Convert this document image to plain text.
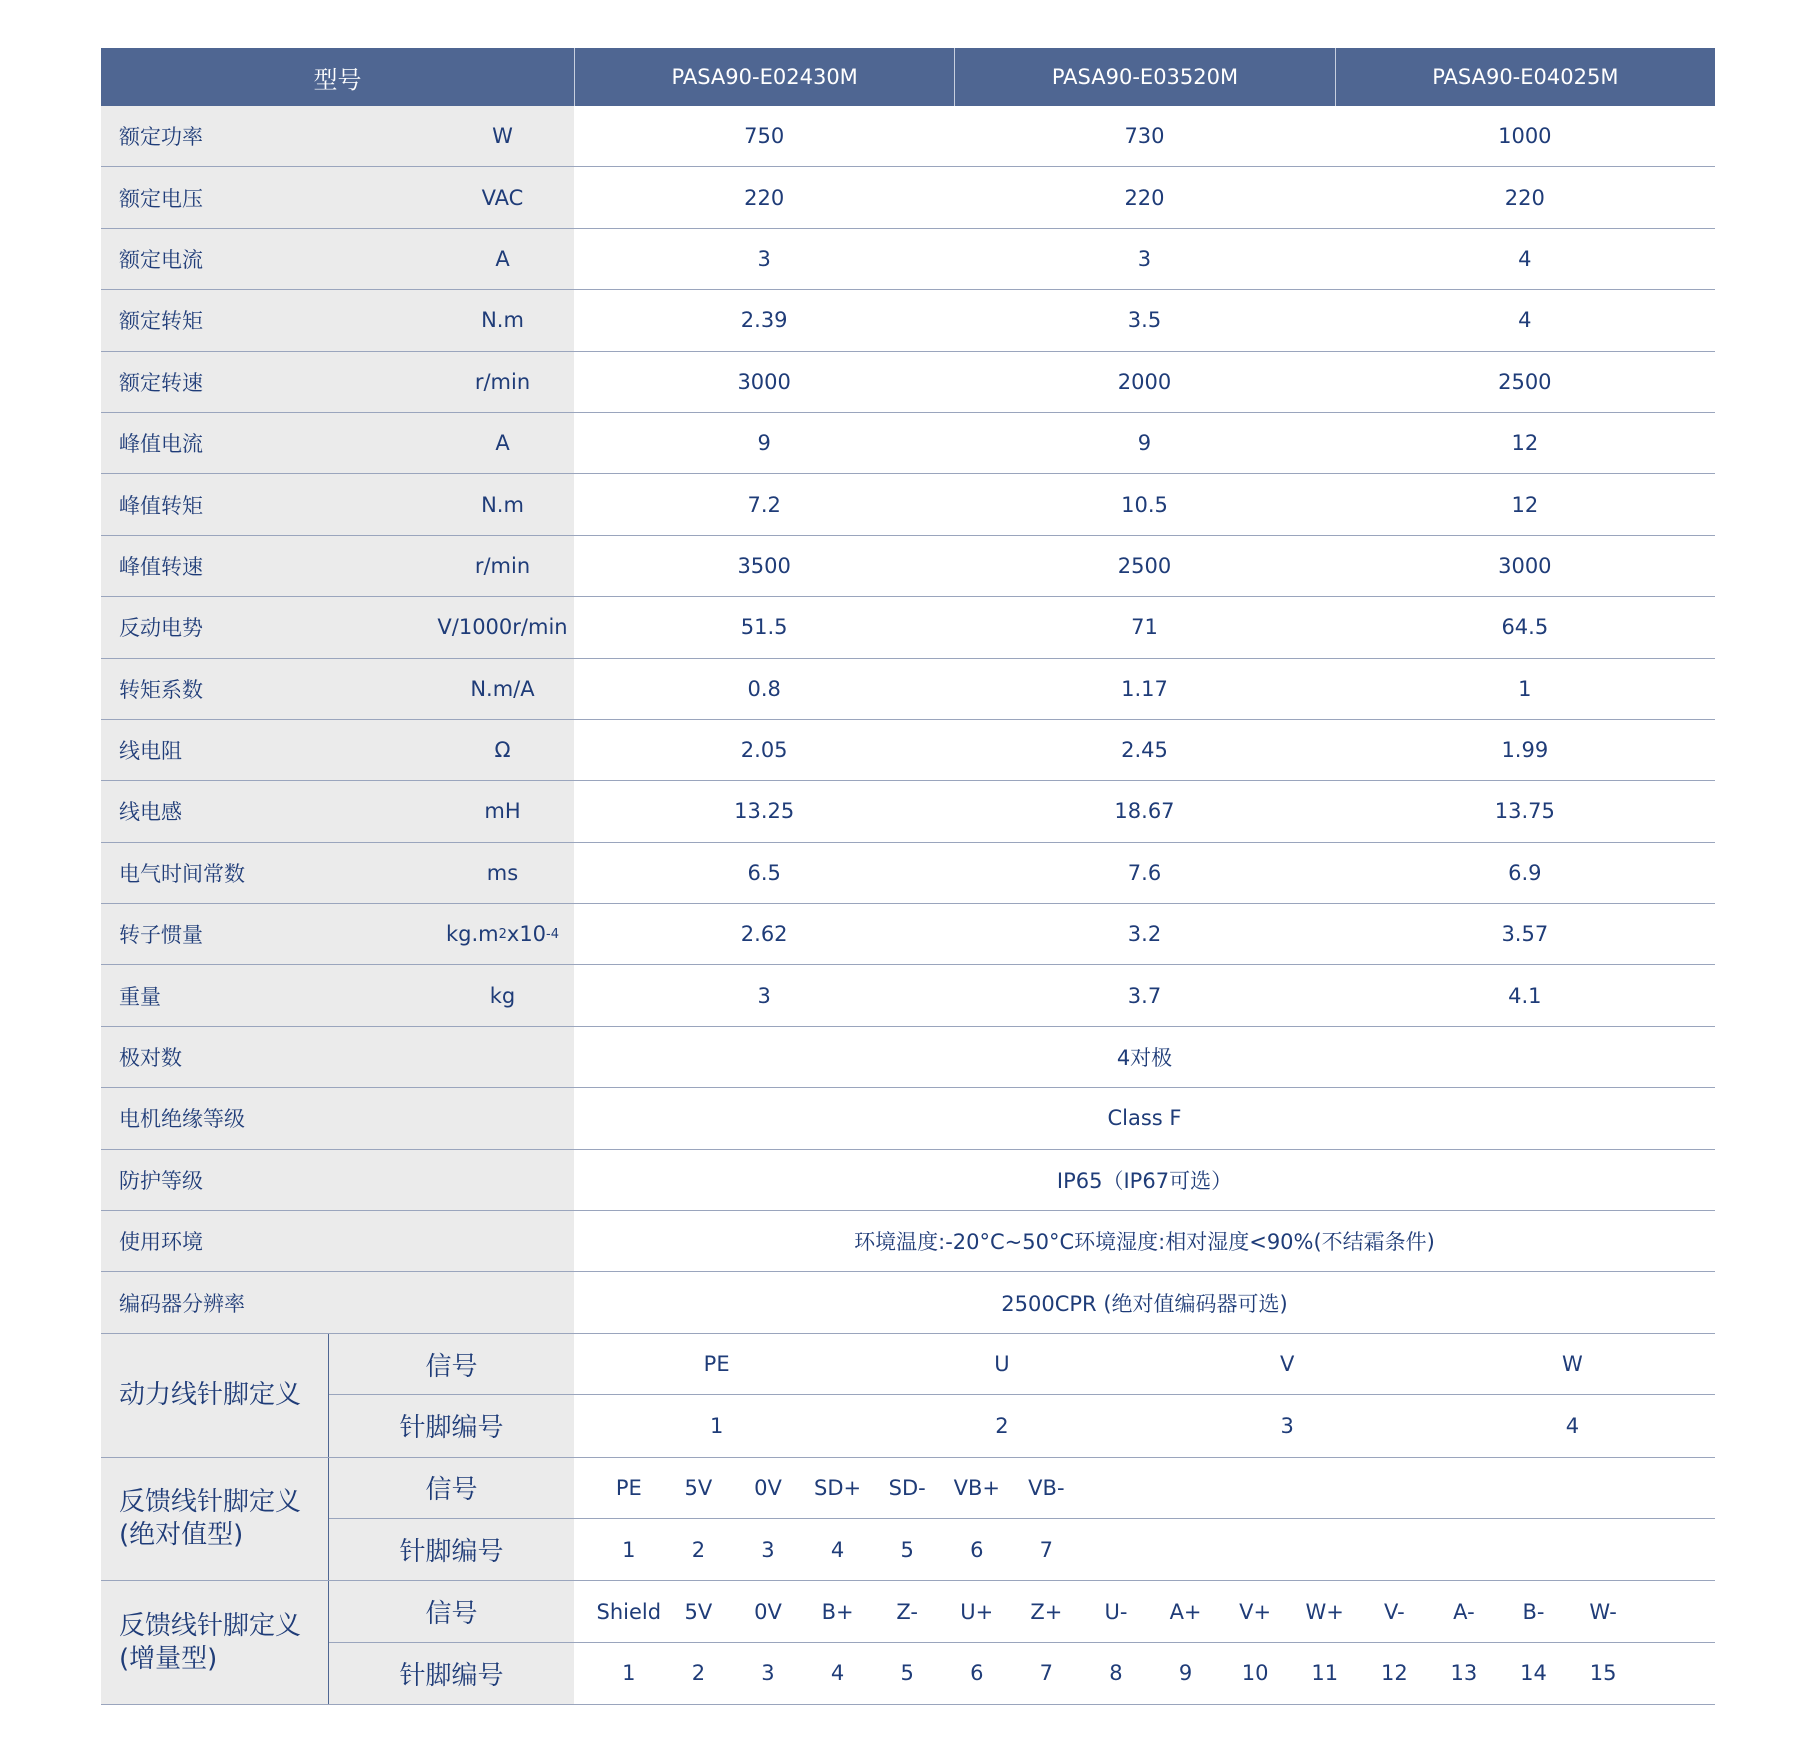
型号	PASA90-E02430M	PASA90-E03520M	PASA90-E04025M
额定功率	W	750	730	1000
额定电压	VAC	220	220	220
额定电流	A	3	3	4
额定转矩	N.m	2.39	3.5	4
额定转速	r/min	3000	2000	2500
峰值电流	A	9	9	12
峰值转矩	N.m	7.2	10.5	12
峰值转速	r/min	3500	2500	3000
反动电势	V/1000r/min	51.5	71	64.5
转矩系数	N.m/A	0.8	1.17	1
线电阻	Ω	2.05	2.45	1.99
线电感	mH	13.25	18.67	13.75
电气时间常数	ms	6.5	7.6	6.9
转子惯量	kg.m 2 x10 -4	2.62	3.2	3.57
重量	kg	3	3.7	4.1
极对数	4对极
电机绝缘等级	Class F
防护等级	IP65（IP67可选）
使用环境	环境温度:-20°C~50°C环境湿度:相对湿度<90%(不结霜条件)
编码器分辨率	2500CPR (绝对值编码器可选)
动力线针脚定义
信号	PE	U	V	W
针脚编号	1	2	3	4
反馈线针脚定义
(绝对值型)
信号	PE	5V	0V	SD+	SD-	VB+	VB-
针脚编号	1	2	3	4	5	6	7
反馈线针脚定义
(增量型)
信号	Shield	5V	0V	B+	Z-	U+	Z+	U-	A+	V+	W+	V-	A-	B-	W-
针脚编号	1	2	3	4	5	6	7	8	9	10	11	12	13	14	15
